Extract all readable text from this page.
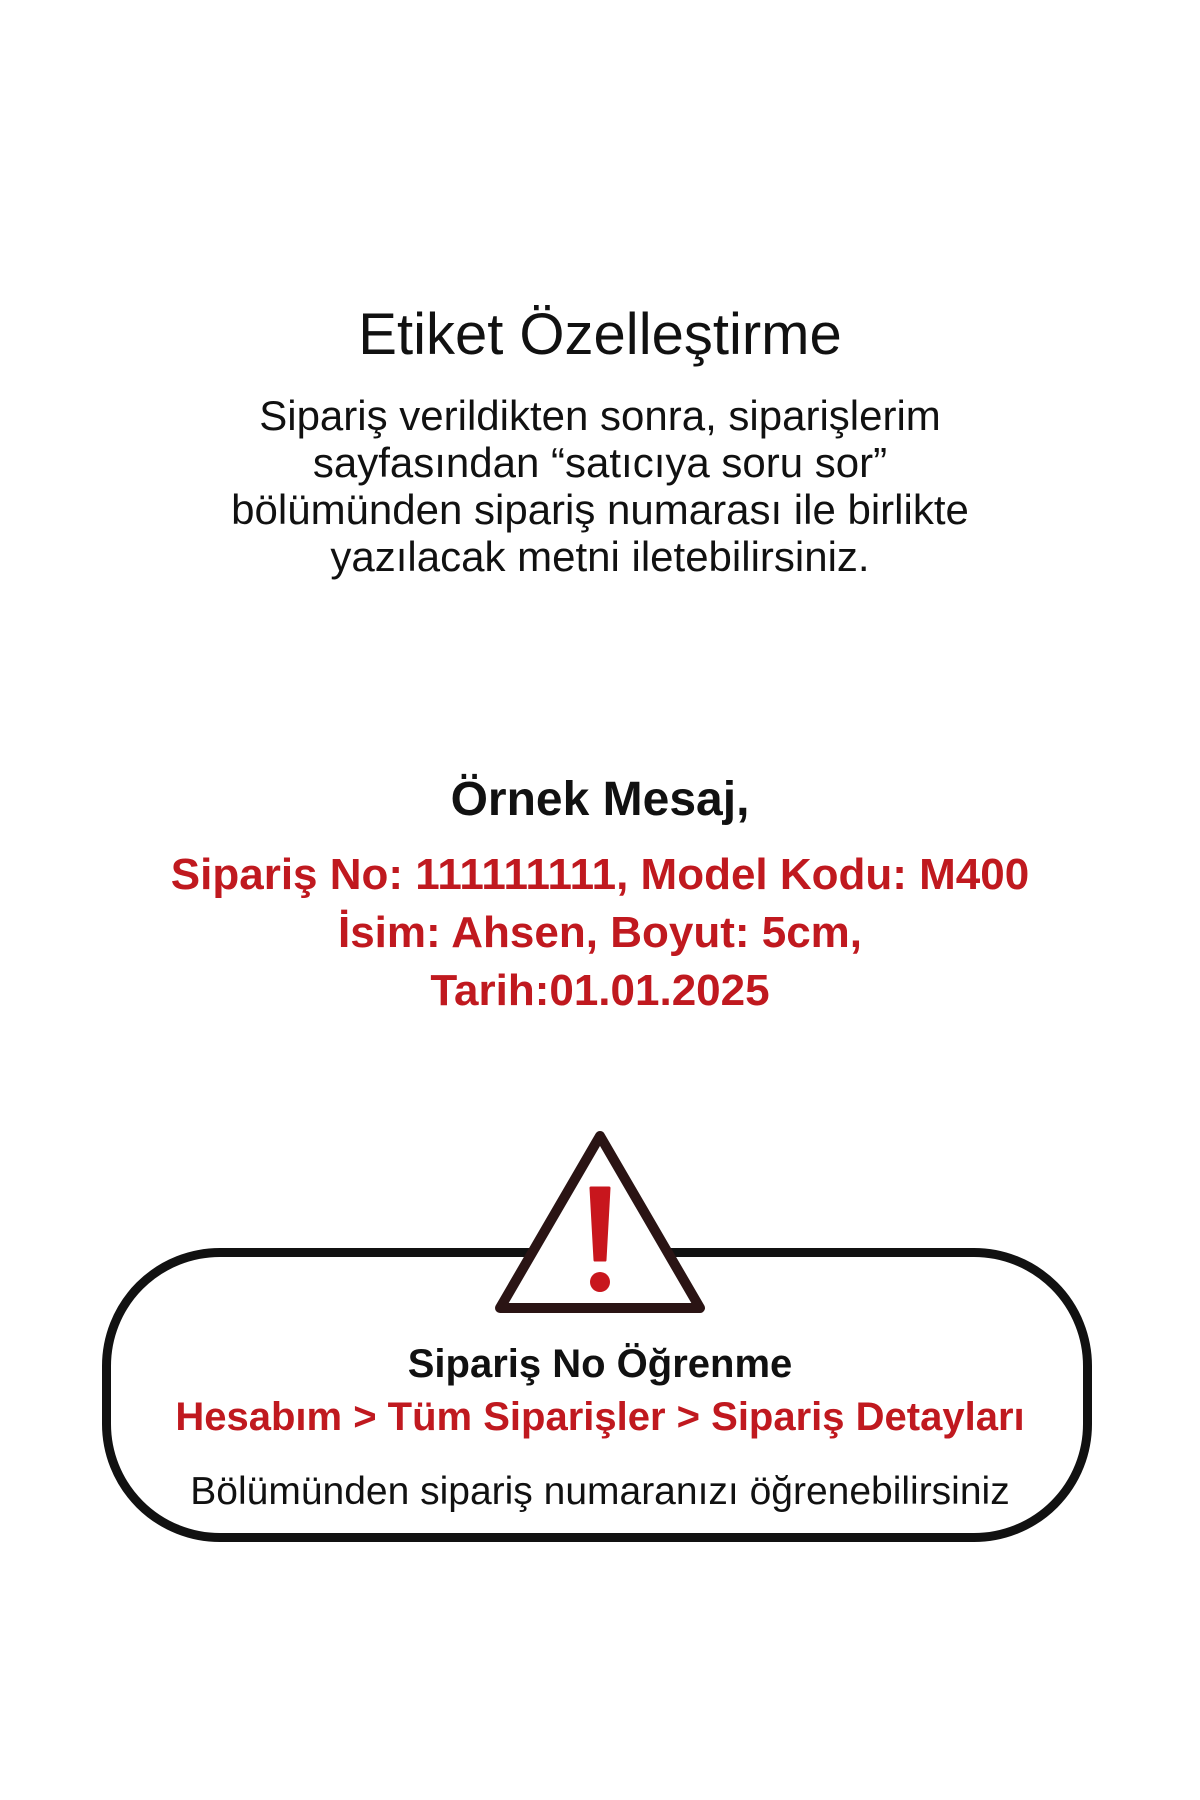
Etiket Özelleştirme
Sipariş verildikten sonra, siparişlerim
sayfasından “satıcıya soru sor”
bölümünden sipariş numarası ile birlikte
yazılacak metni iletebilirsiniz.
Örnek Mesaj,
Sipariş No: 111111111, Model Kodu: M400
İsim: Ahsen, Boyut: 5cm,
Tarih:01.01.2025
Sipariş No Öğrenme
Hesabım > Tüm Siparişler > Sipariş Detayları
Bölümünden sipariş numaranızı öğrenebilirsiniz
